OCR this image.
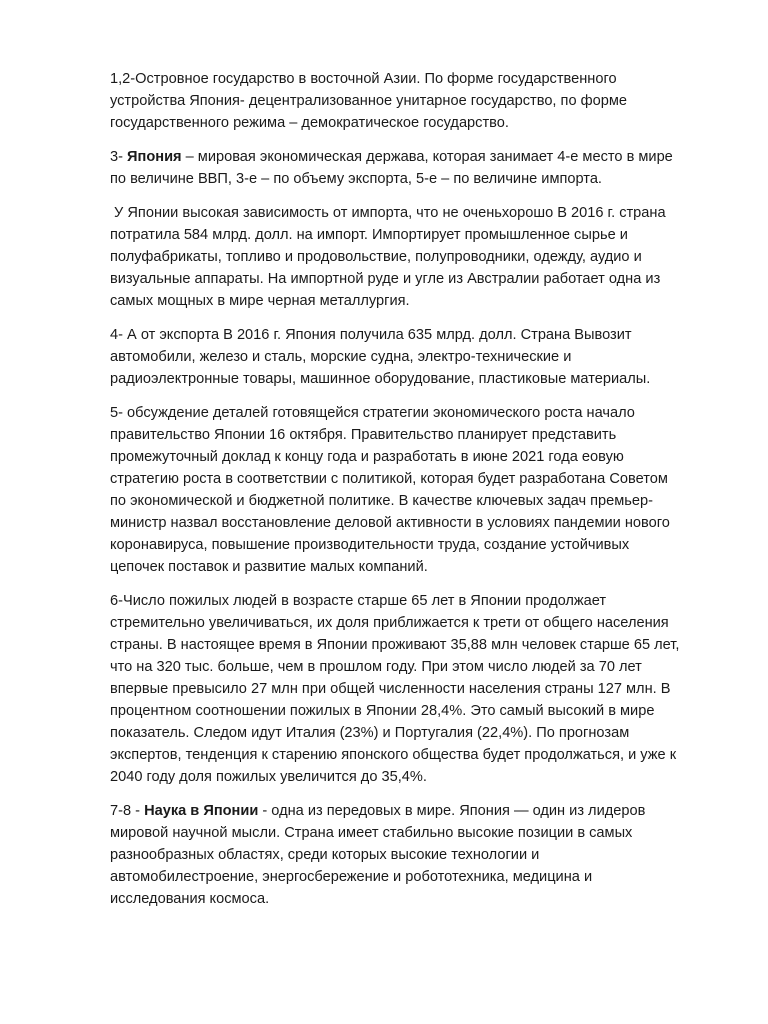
1,2-Островное государство в восточной Азии. По форме государственного
устройства Япония- децентрализованное унитарное государство, по форме
государственного режима – демократическое государство.
3- Япония – мировая экономическая держава, которая занимает 4-е место в мире
по величине ВВП, 3-е – по объему экспорта, 5-е – по величине импорта.
У Японии высокая зависимость от импорта, что не оченьхорошо В 2016 г. страна
потратила 584 млрд. долл. на импорт. Импортирует промышленное сырье и
полуфабрикаты, топливо и продовольствие, полупроводники, одежду, аудио и
визуальные аппараты. На импортной руде и угле из Австралии работает одна из
самых мощных в мире черная металлургия.
4- А от экспорта В 2016 г. Япония получила 635 млрд. долл. Страна Вывозит
автомобили, железо и сталь, морские судна, электро-технические и
радиоэлектронные товары, машинное оборудование, пластиковые материалы.
5- обсуждение деталей готовящейся стратегии экономического роста начало
правительство Японии 16 октября. Правительство планирует представить
промежуточный доклад к концу года и разработать в июне 2021 года еовую
стратегию роста в соответствии с политикой, которая будет разработана Советом
по экономической и бюджетной политике. В качестве ключевых задач премьер-
министр назвал восстановление деловой активности в условиях пандемии нового
коронавируса, повышение производительности труда, создание устойчивых
цепочек поставок и развитие малых компаний.
6-Число пожилых людей в возрасте старше 65 лет в Японии продолжает
стремительно увеличиваться, их доля приближается к трети от общего населения
страны. В настоящее время в Японии проживают 35,88 млн человек старше 65 лет,
что на 320 тыс. больше, чем в прошлом году. При этом число людей за 70 лет
впервые превысило 27 млн при общей численности населения страны 127 млн. В
процентном соотношении пожилых в Японии 28,4%. Это самый высокий в мире
показатель. Следом идут Италия (23%) и Португалия (22,4%). По прогнозам
экспертов, тенденция к старению японского общества будет продолжаться, и уже к
2040 году доля пожилых увеличится до 35,4%.
7-8 - Наука в Японии - одна из передовых в мире. Япония — один из лидеров
мировой научной мысли. Страна имеет стабильно высокие позиции в самых
разнообразных областях, среди которых высокие технологии и
автомобилестроение, энергосбережение и робототехника, медицина и
исследования космоса.
